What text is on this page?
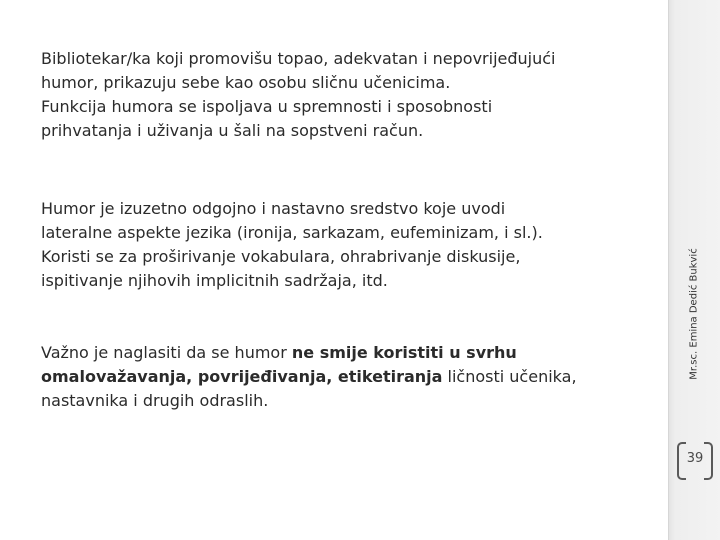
Bibliotekar/ka koji promovišu topao, adekvatan i nepovrijeđujući
humor, prikazuju sebe kao osobu sličnu učenicima.
Funkcija humora se ispoljava u spremnosti i sposobnosti
prihvatanja i uživanja u šali na sopstveni račun.

Humor je izuzetno odgojno i nastavno sredstvo koje uvodi
lateralne aspekte jezika (ironija, sarkazam, eufeminizam, i sl.).
Koristi se za proširivanje vokabulara, ohrabrivanje diskusije,
ispitivanje njihovih implicitnih sadržaja, itd.

Važno je naglasiti da se humor ne smije koristiti u svrhu
omalovažavanja, povrijeđivanja, etiketiranja ličnosti učenika,
nastavnika i drugih odraslih.

Mr.sc. Emina Dedić Bukvić
39
